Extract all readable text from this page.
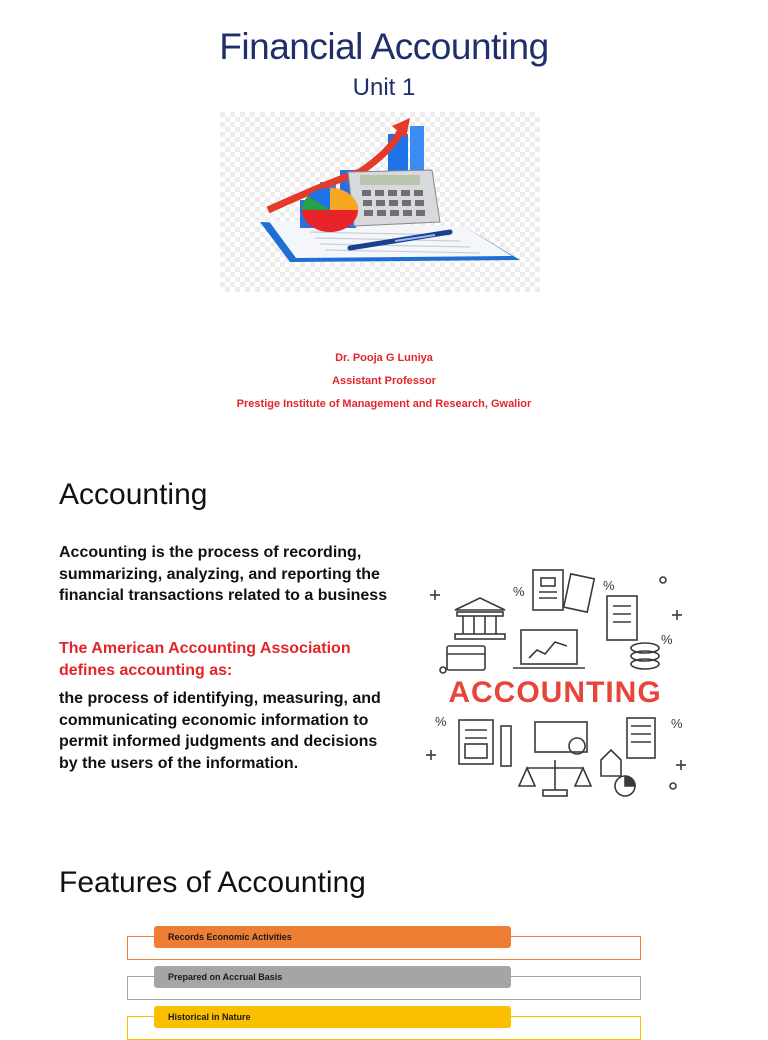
Financial Accounting
Unit 1
Dr. Pooja G Luniya
Assistant Professor
Prestige Institute of Management and Research, Gwalior
Accounting
Accounting is the process of recording, summarizing, analyzing, and reporting the financial transactions related to a business
The American Accounting Association defines accounting as:
the process of identifying, measuring, and communicating economic information to permit informed judgments and decisions by the users of the information.
%	%
%	%
%
ACCOUNTING
Features of Accounting
Records Economic Activities
Prepared on Accrual Basis
Historical in Nature
